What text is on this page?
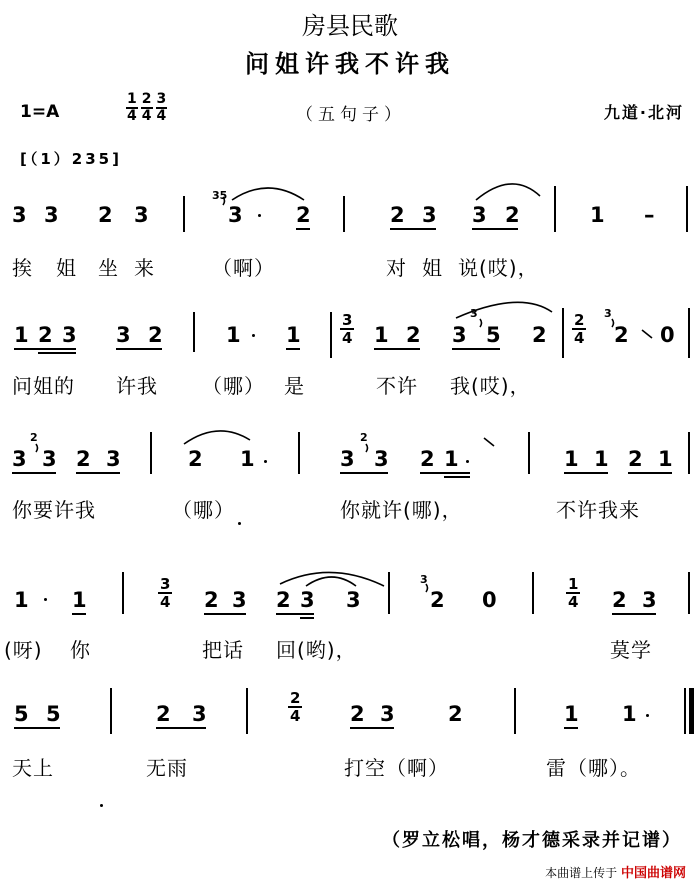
房县民歌
问姐许我不许我
1=A	$\frac{1}{4} \frac{2}{4} \frac{3}{4}$	（五句子）	九道·北河
[（1）235]
3 3 2 3
35
3	2	2 3 3 2	1 –
挨 姐 坐 来	（啊）	对 姐 说(哎)，
1 2 3 3 2	1 1
3
4 1 2 3
3
5 2
2
4
3
2 0
问姐的 许我 （哪） 是	不许 我(哎)，
3
2
3 2 3	2 1	3
2
3 2 1	1 1 2 1
你要许我	（哪）	你就许(哪)，	不许我来
1 1
3
4 2 3 2 3 3
3
2 0
1
4 2 3
(呀) 你	把话 回(哟)，	莫学
5 5	2 3
2
4 2 3	2	1 1
天上	无雨	打空（啊）	雷（哪）。
（罗立松唱，杨才德采录并记谱）
本曲谱上传于 中国曲谱网
